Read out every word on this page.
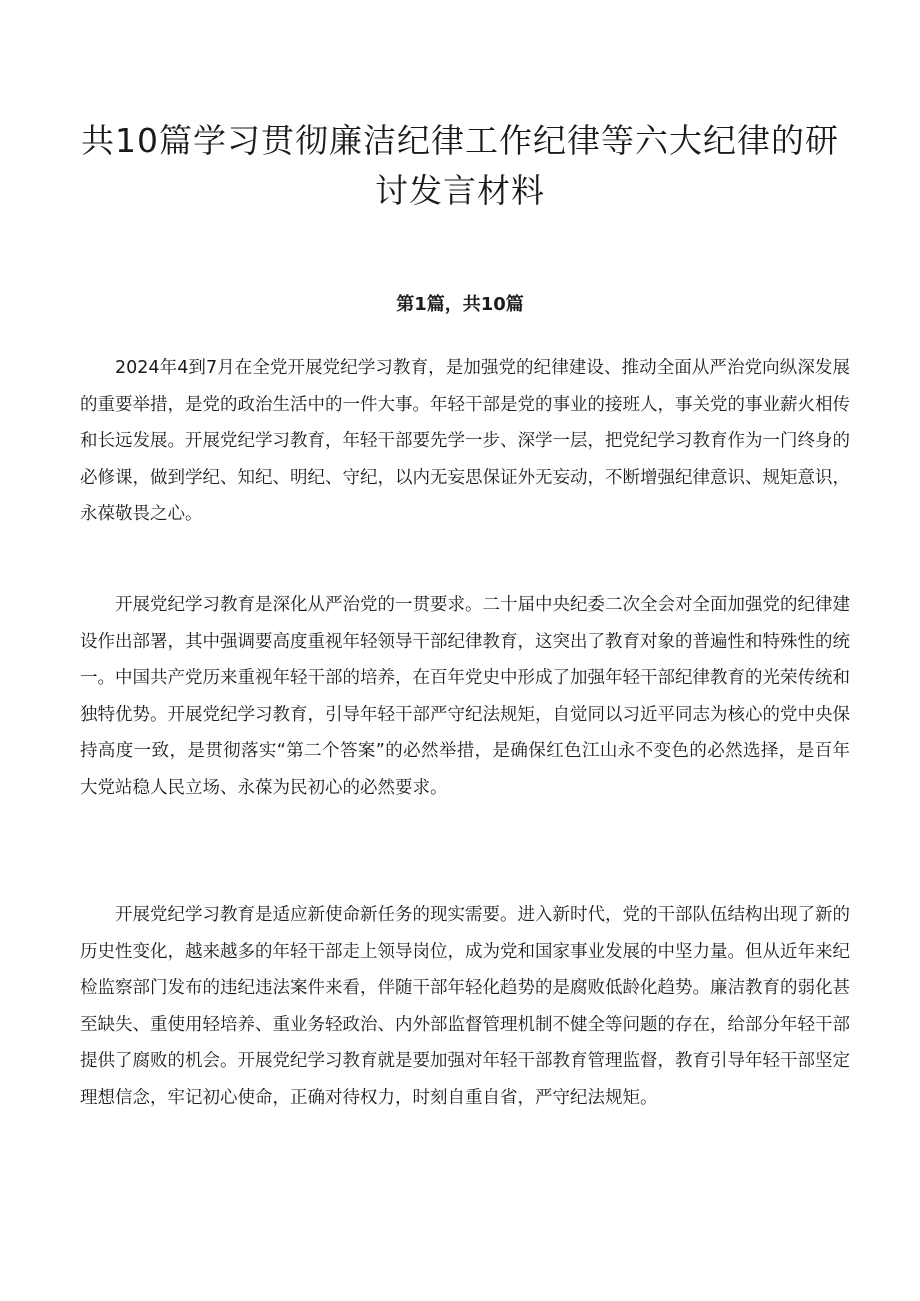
共10篇学习贯彻廉洁纪律工作纪律等六大纪律的研讨发言材料
第1篇，共10篇

2024年4到7月在全党开展党纪学习教育，是加强党的纪律建设、推动全面从严治党向纵深发展的重要举措，是党的政治生活中的一件大事。年轻干部是党的事业的接班人，事关党的事业薪火相传和长远发展。开展党纪学习教育，年轻干部要先学一步、深学一层，把党纪学习教育作为一门终身的必修课，做到学纪、知纪、明纪、守纪，以内无妄思保证外无妄动，不断增强纪律意识、规矩意识，永葆敬畏之心。

开展党纪学习教育是深化从严治党的一贯要求。二十届中央纪委二次全会对全面加强党的纪律建设作出部署，其中强调要高度重视年轻领导干部纪律教育，这突出了教育对象的普遍性和特殊性的统一。中国共产党历来重视年轻干部的培养，在百年党史中形成了加强年轻干部纪律教育的光荣传统和独特优势。开展党纪学习教育，引导年轻干部严守纪法规矩，自觉同以习近平同志为核心的党中央保持高度一致，是贯彻落实“第二个答案”的必然举措，是确保红色江山永不变色的必然选择，是百年大党站稳人民立场、永葆为民初心的必然要求。

开展党纪学习教育是适应新使命新任务的现实需要。进入新时代，党的干部队伍结构出现了新的历史性变化，越来越多的年轻干部走上领导岗位，成为党和国家事业发展的中坚力量。但从近年来纪检监察部门发布的违纪违法案件来看，伴随干部年轻化趋势的是腐败低龄化趋势。廉洁教育的弱化甚至缺失、重使用轻培养、重业务轻政治、内外部监督管理机制不健全等问题的存在，给部分年轻干部提供了腐败的机会。开展党纪学习教育就是要加强对年轻干部教育管理监督，教育引导年轻干部坚定理想信念，牢记初心使命，正确对待权力，时刻自重自省，严守纪法规矩。
